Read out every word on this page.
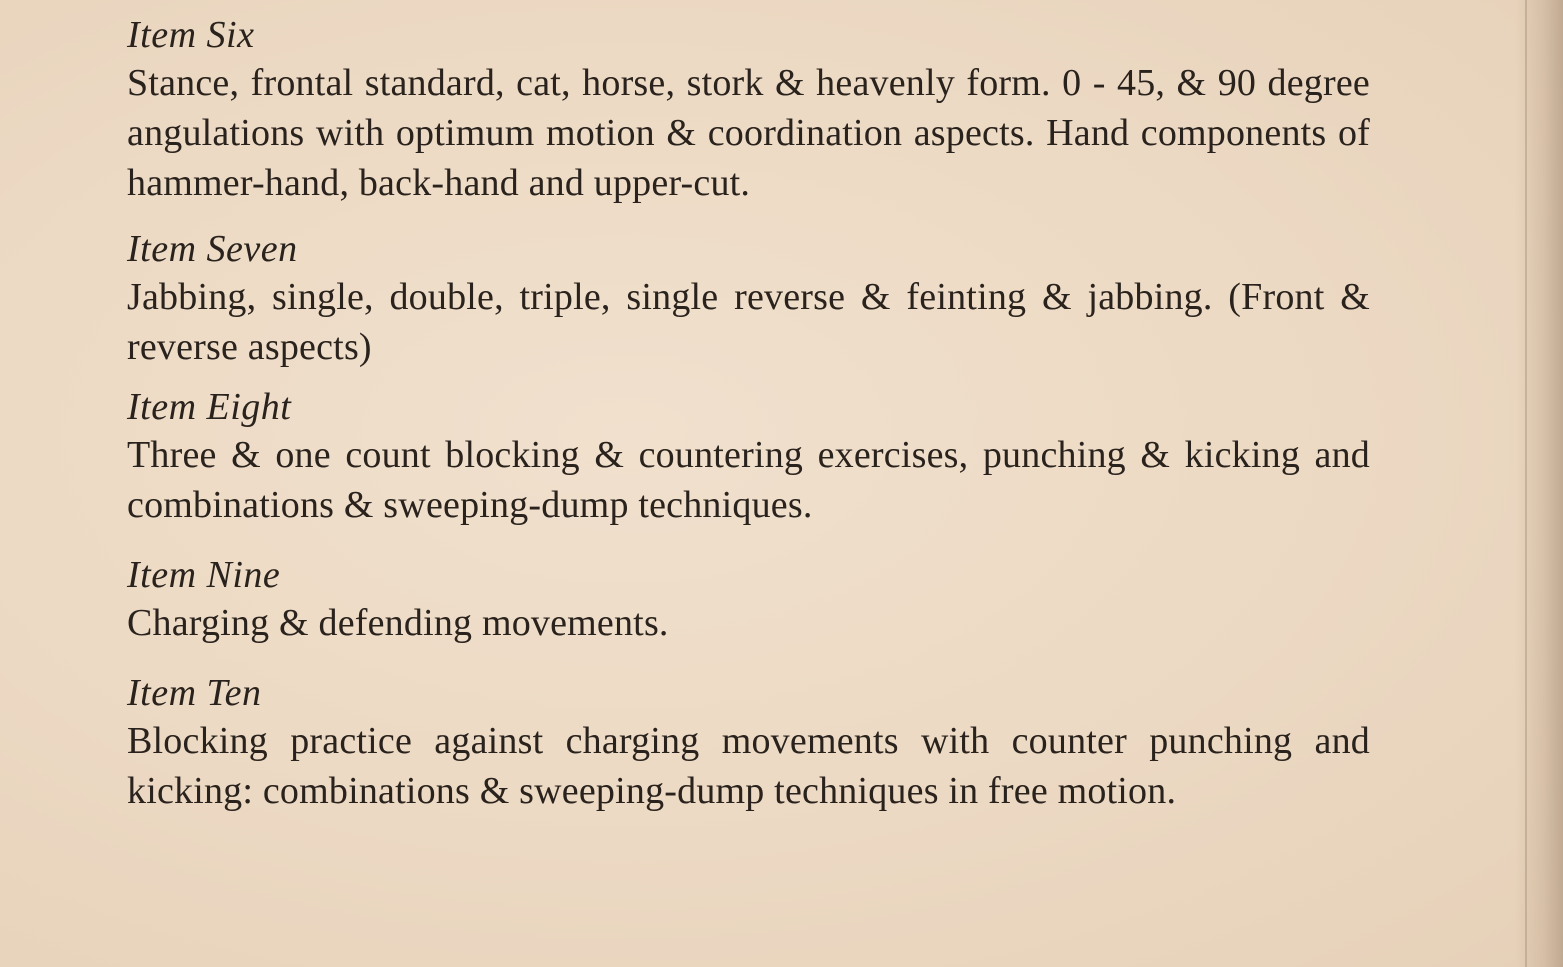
Item Six

Stance, frontal standard, cat, horse, stork & heavenly form. 0 - 45, & 90 degree angulations with optimum motion & coordination aspects. Hand components of hammer-hand, back-hand and upper-cut.

Item Seven

Jabbing, single, double, triple, single reverse & feinting & jabbing. (Front & reverse aspects)

Item Eight

Three & one count blocking & countering exercises, punching & kicking and combinations & sweeping-dump techniques.

Item Nine

Charging & defending movements.

Item Ten

Blocking practice against charging movements with counter punching and kicking: combinations & sweeping-dump techniques in free motion.
